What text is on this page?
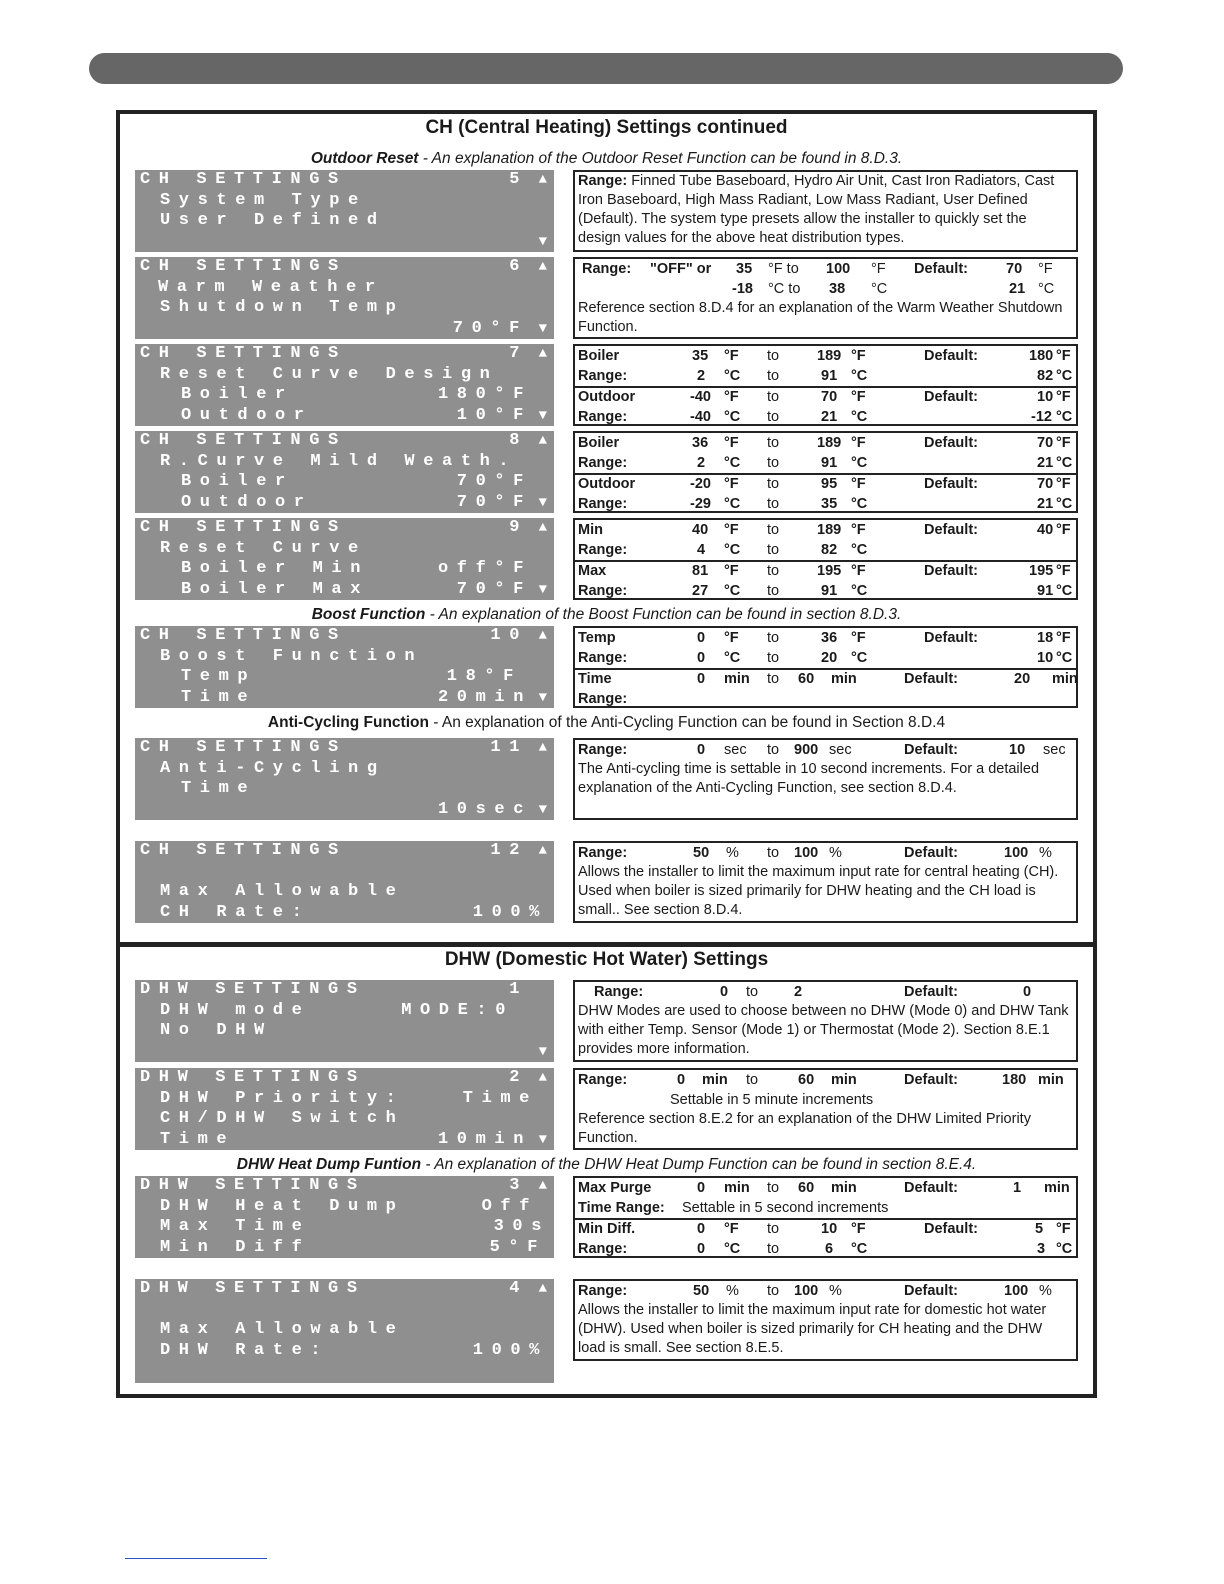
CH (Central Heating) Settings continued
Outdoor Reset - An explanation of the Outdoor Reset Function can be found in 8.D.3.
CH SETTINGS	5 ▲
System Type
User Defined
▼
Range: Finned Tube Baseboard, Hydro Air Unit, Cast Iron Radiators, Cast Iron Baseboard, High Mass Radiant, Low Mass Radiant, User Defined (Default). The system type presets allow the installer to quickly set the design values for the above heat distribution types.
CH SETTINGS	6 ▲
Warm Weather
Shutdown Temp
70°F ▼
Range: "OFF" or 35 °F to 100 °F Default:	70 °F
-18 °C to 38 °C	21 °C
Reference section 8.D.4 for an explanation of the Warm Weather Shutdown Function.
CH SETTINGS	7 ▲
Reset Curve Design
Boiler	180°F
Outdoor	10°F ▼
Boiler	35 °F to	189 °F	Default:	180 °F
Range:	2 °C to	91 °C	82 °C
Outdoor	-40 °F to	70 °F	Default:	10 °F
Range:	-40 °C to	21 °C	-12 °C
CH SETTINGS	8 ▲
R.Curve Mild Weath.
Boiler	70°F
Outdoor	70°F ▼
Boiler	36 °F to	189 °F	Default:	70 °F
Range:	2 °C to	91 °C	21 °C
Outdoor	-20 °F to	95 °F	Default:	70 °F
Range:	-29 °C to	35 °C	21 °C
CH SETTINGS	9 ▲
Reset Curve
Boiler Min	off°F
Boiler Max	70°F ▼
Min	40 °F to	189 °F	Default:	40 °F
Range:	4 °C to	82 °C
Max	81 °F to	195 °F	Default:	195 °F
Range:	27 °C to	91 °C	91 °C
Boost Function - An explanation of the Boost Function can be found in section 8.D.3.
CH SETTINGS	10 ▲
Boost Function
Temp	18°F
Time	20min ▼
Temp	0 °F to	36 °F	Default:	18 °F
Range:	0 °C to	20 °C	10 °C
Time	0 min to 60 min	Default:	20 min
Range:
Anti-Cycling Function - An explanation of the Anti-Cycling Function can be found in Section 8.D.4
CH SETTINGS	11 ▲
Anti-Cycling
Time
10sec ▼
Range:	0 sec to 900 sec	Default:	10 sec
The Anti-cycling time is settable in 10 second increments. For a detailed explanation of the Anti-Cycling Function, see section 8.D.4.
CH SETTINGS	12 ▲
Max Allowable
CH Rate:	100%
Range:	50 % to 100 %	Default:	100 %
Allows the installer to limit the maximum input rate for central heating (CH). Used when boiler is sized primarily for DHW heating and the CH load is small.. See section 8.D.4.
DHW (Domestic Hot Water) Settings
DHW SETTINGS	1
DHW mode	MODE:0
No DHW
▼
Range:	0 to 2	Default:	0
DHW Modes are used to choose between no DHW (Mode 0) and DHW Tank with either Temp. Sensor (Mode 1) or Thermostat (Mode 2). Section 8.E.1 provides more information.
DHW SETTINGS	2 ▲
DHW Priority:	Time
CH/DHW Switch
Time	10min ▼
Range:	0 min to	60 min	Default:	180 min
Settable in 5 minute increments
Reference section 8.E.2 for an explanation of the DHW Limited Priority Function.
DHW Heat Dump Funtion - An explanation of the DHW Heat Dump Function can be found in section 8.E.4.
DHW SETTINGS	3 ▲
DHW Heat Dump	Off
Max Time	30s
Min Diff	5°F
Max Purge	0 min to 60 min	Default:	1 min
Time Range: Settable in 5 second increments
Min Diff.	0 °F to	10 °F	Default:	5 °F
Range:	0 °C to	6 °C	3 °C
DHW SETTINGS	4 ▲
Max Allowable
DHW Rate:	100%
Range:	50 % to 100 %	Default:	100 %
Allows the installer to limit the maximum input rate for domestic hot water (DHW). Used when boiler is sized primarily for CH heating and the DHW load is small. See section 8.E.5.
